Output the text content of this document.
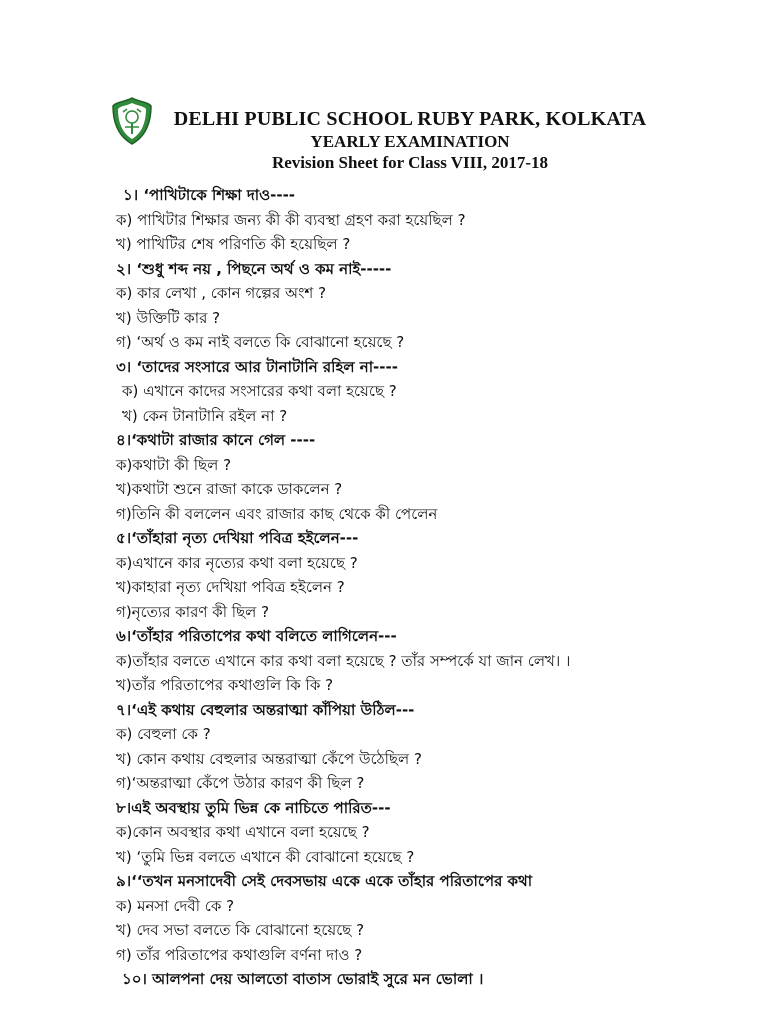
DELHI PUBLIC SCHOOL RUBY PARK, KOLKATA
YEARLY EXAMINATION
Revision Sheet for Class VIII, 2017-18
১। ‘পাখিটাকে শিক্ষা দাও----
ক) পাখিটার শিক্ষার জন্য কী কী ব্যবস্থা গ্রহণ করা হয়েছিল ?
খ) পাখিটির শেষ পরিণতি কী হয়েছিল ?
২। ‘শুধু শব্দ নয় , পিছনে অর্থ ও কম নাই-----
ক) কার লেখা , কোন গল্পের অংশ ?
খ) উক্তিটি কার ?
গ) ‘অর্থ ও কম নাই বলতে কি বোঝানো হয়েছে ?
৩। ‘তাদের সংসারে আর টানাটানি রহিল না----
ক) এখানে কাদের সংসারের কথা বলা হয়েছে ?
খ) কেন টানাটানি রইল না ?
৪।‘কথাটা রাজার কানে গেল ----
ক)কথাটা কী ছিল ?
খ)কথাটা শুনে রাজা কাকে ডাকলেন ?
গ)তিনি কী বললেন এবং রাজার কাছ থেকে কী পেলেন
৫।‘তাঁহারা নৃত্য দেখিয়া পবিত্র হইলেন---
ক)এখানে কার নৃত্যের কথা বলা হয়েছে ?
খ)কাহারা নৃত্য দেখিয়া পবিত্র হইলেন ?
গ)নৃত্যের কারণ কী ছিল ?
৬।‘তাঁহার পরিতাপের কথা বলিতে লাগিলেন---
ক)তাঁহার বলতে এখানে কার কথা বলা হয়েছে ? তাঁর সম্পর্কে যা জান লেখ। ।
খ)তাঁর পরিতাপের কথাগুলি কি কি ?
৭।‘এই কথায় বেহুলার অন্তরাত্মা কাঁপিয়া উঠিল---
ক) বেহুলা কে ?
খ) কোন কথায় বেহুলার অন্তরাত্মা কেঁপে উঠেছিল ?
গ)‘অন্তরাত্মা কেঁপে উঠার কারণ কী ছিল ?
৮।এই অবস্থায় তুমি ভিন্ন কে নাচিতে পারিত---
ক)কোন অবস্থার কথা এখানে বলা হয়েছে ?
খ) ‘তুমি ভিন্ন বলতে এখানে কী বোঝানো হয়েছে ?
৯।‘‘তখন মনসাদেবী সেই দেবসভায় একে একে তাঁহার পরিতাপের কথা
ক) মনসা দেবী কে ?
খ) দেব সভা বলতে কি বোঝানো হয়েছে ?
গ) তাঁর পরিতাপের কথাগুলি বর্ণনা দাও ?
১০। আলপনা দেয় আলতো বাতাস ভোরাই সুরে মন ভোলা ।
